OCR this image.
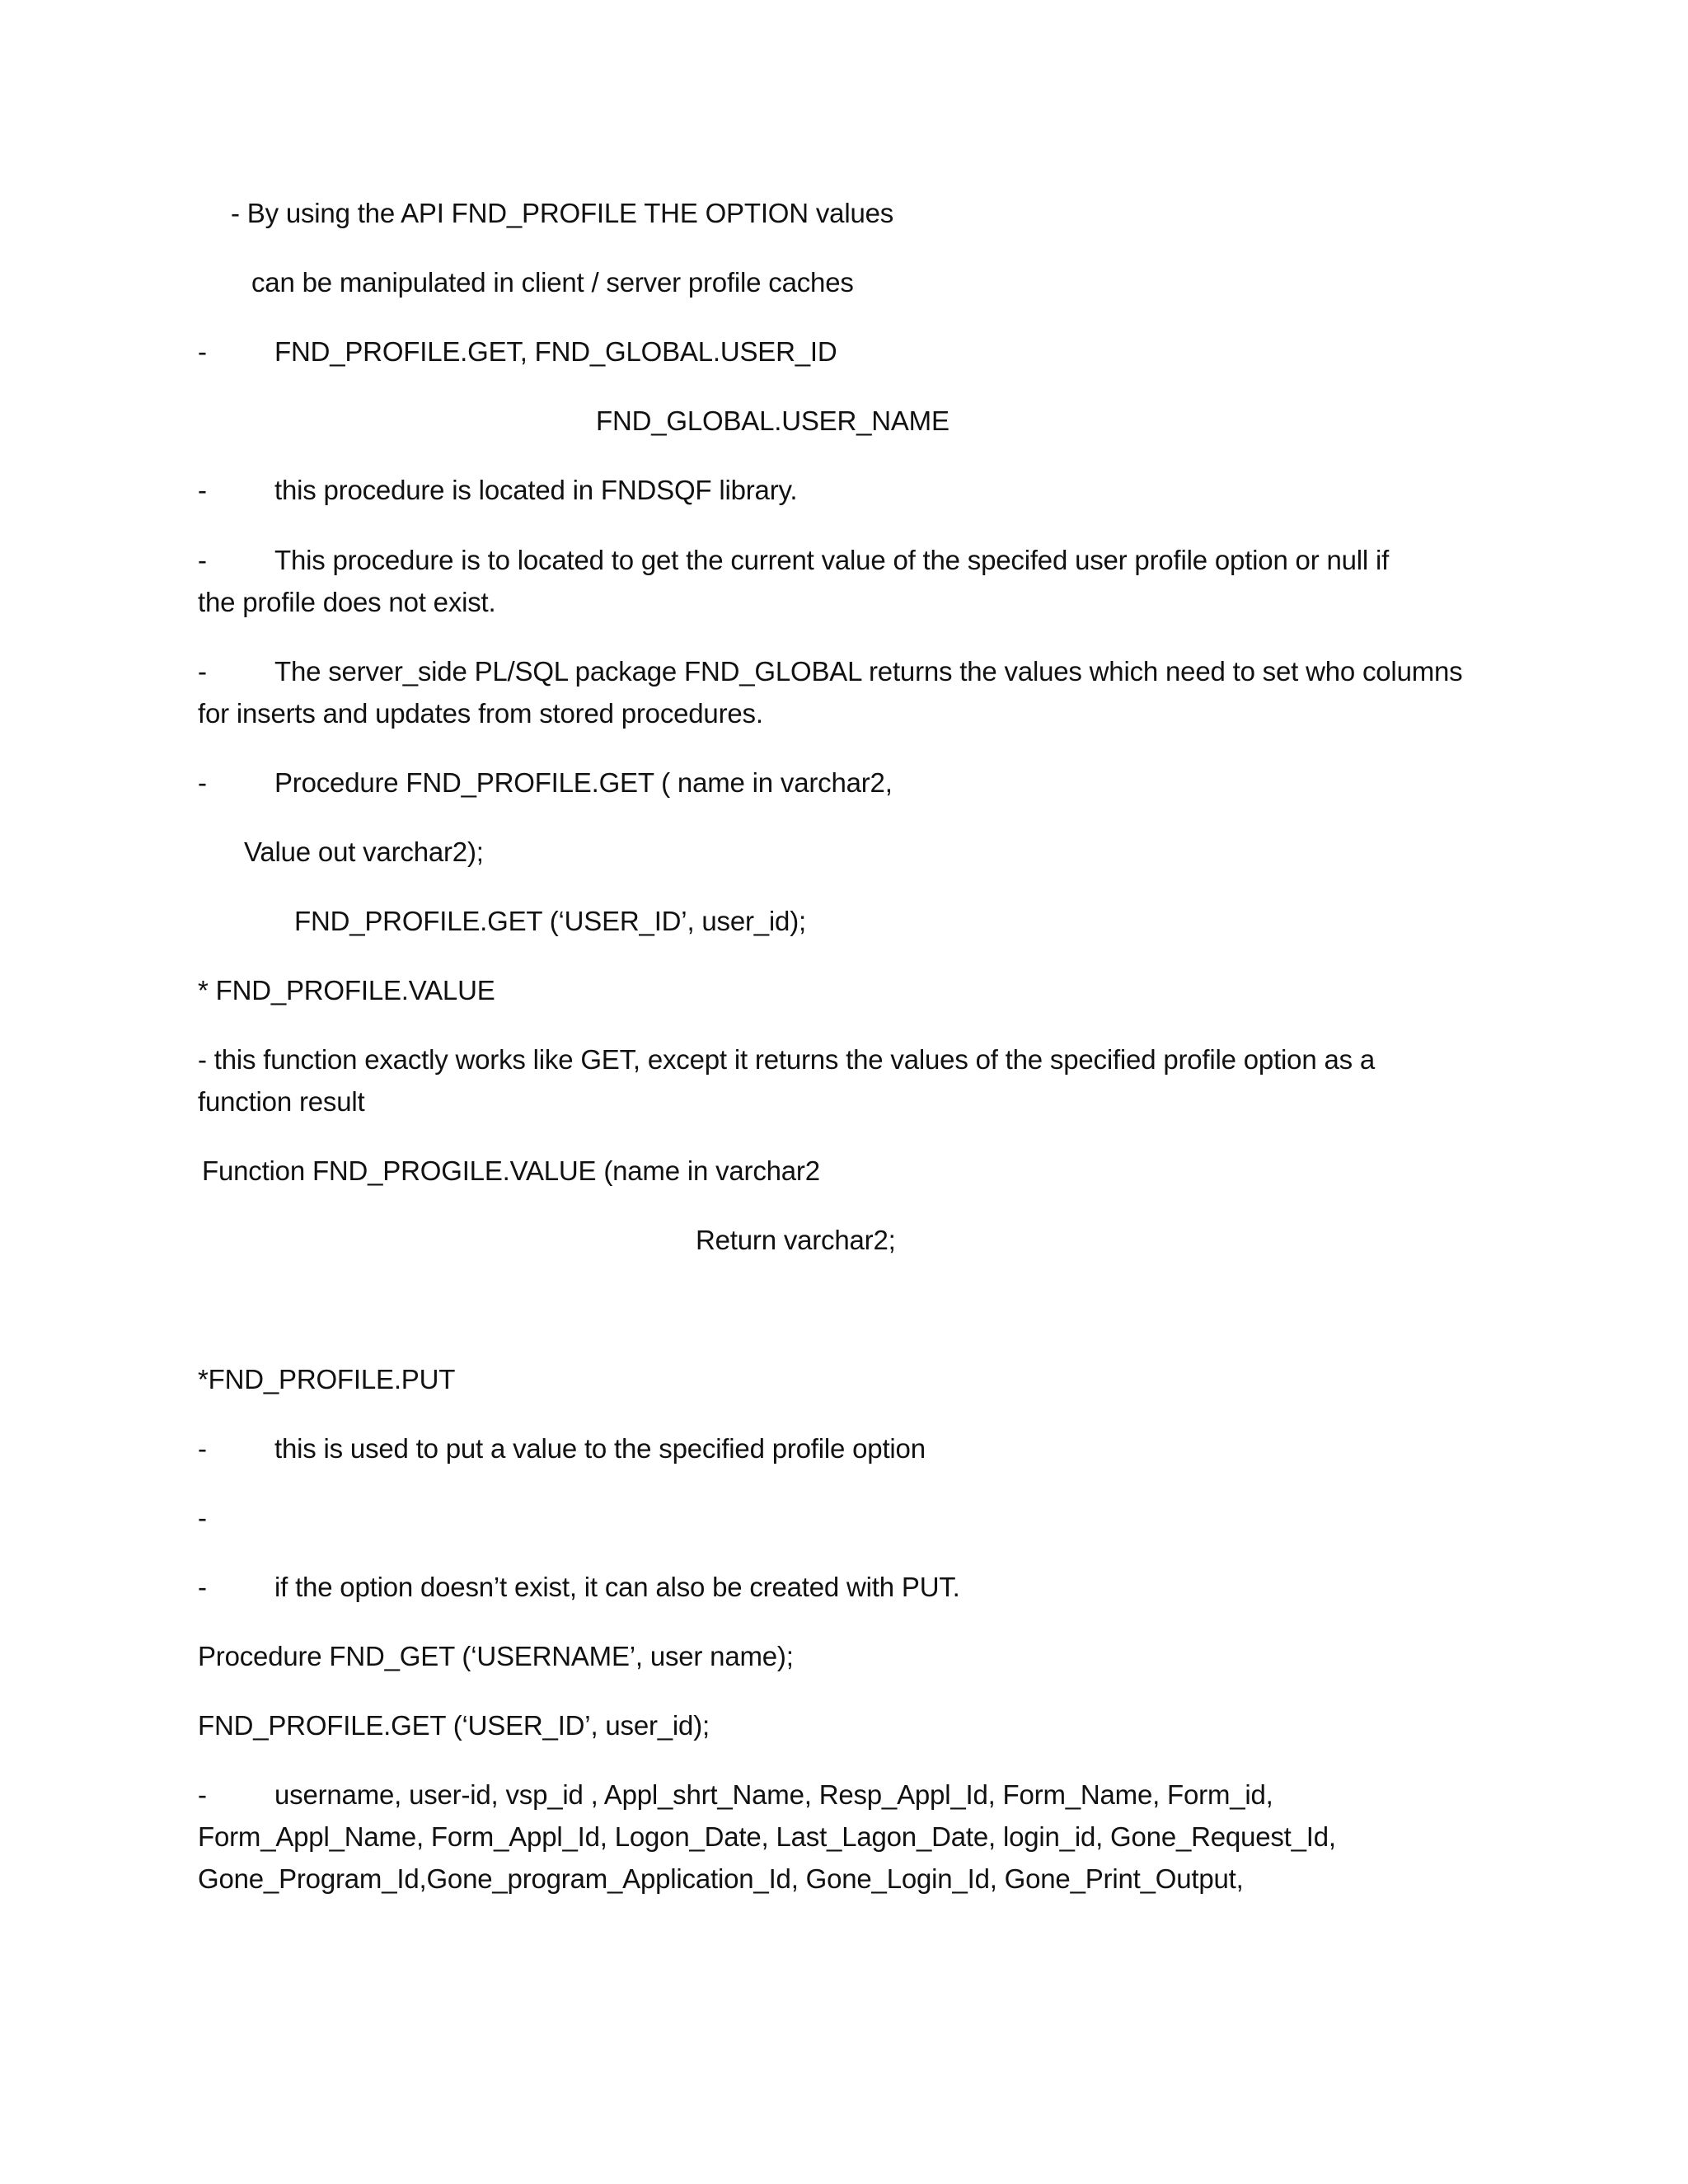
- By using the API FND_PROFILE THE OPTION values
can be manipulated in client / server profile caches
- FND_PROFILE.GET, FND_GLOBAL.USER_ID
FND_GLOBAL.USER_NAME
- this procedure is located in FNDSQF library.
- This procedure is to located to get the current value of the specifed user profile option or null if
the profile does not exist.
- The server_side PL/SQL package FND_GLOBAL returns the values which need to set who columns
for inserts and updates from stored procedures.
- Procedure FND_PROFILE.GET ( name in varchar2,
Value out varchar2);
FND_PROFILE.GET (‘USER_ID’, user_id);
* FND_PROFILE.VALUE
- this function exactly works like GET, except it returns the values of the specified profile option as a
function result
Function FND_PROGILE.VALUE (name in varchar2
Return varchar2;
*FND_PROFILE.PUT
- this is used to put a value to the specified profile option
-
- if the option doesn’t exist, it can also be created with PUT.
Procedure FND_GET (‘USERNAME’, user name);
FND_PROFILE.GET (‘USER_ID’, user_id);
- username, user-id, vsp_id , Appl_shrt_Name, Resp_Appl_Id, Form_Name, Form_id,
Form_Appl_Name, Form_Appl_Id, Logon_Date, Last_Lagon_Date, login_id, Gone_Request_Id,
Gone_Program_Id,Gone_program_Application_Id, Gone_Login_Id, Gone_Print_Output,
